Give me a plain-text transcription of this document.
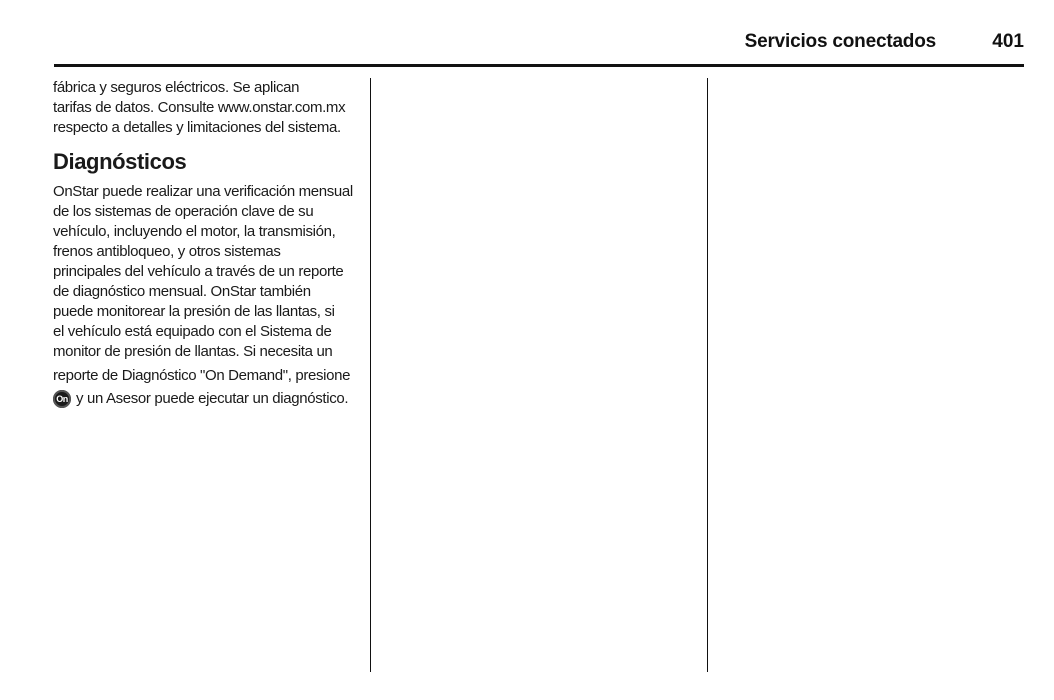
Servicios conectados	401

fábrica y seguros eléctricos. Se aplican

tarifas de datos. Consulte www.onstar.com.mx

respecto a detalles y limitaciones del sistema.

Diagnósticos

OnStar puede realizar una verificación mensual

de los sistemas de operación clave de su

vehículo, incluyendo el motor, la transmisión,

frenos antibloqueo, y otros sistemas

principales del vehículo a través de un reporte

de diagnóstico mensual. OnStar también

puede monitorear la presión de las llantas, si

el vehículo está equipado con el Sistema de

monitor de presión de llantas. Si necesita un

reporte de Diagnóstico "On Demand", presione

On y un Asesor puede ejecutar un diagnóstico.
